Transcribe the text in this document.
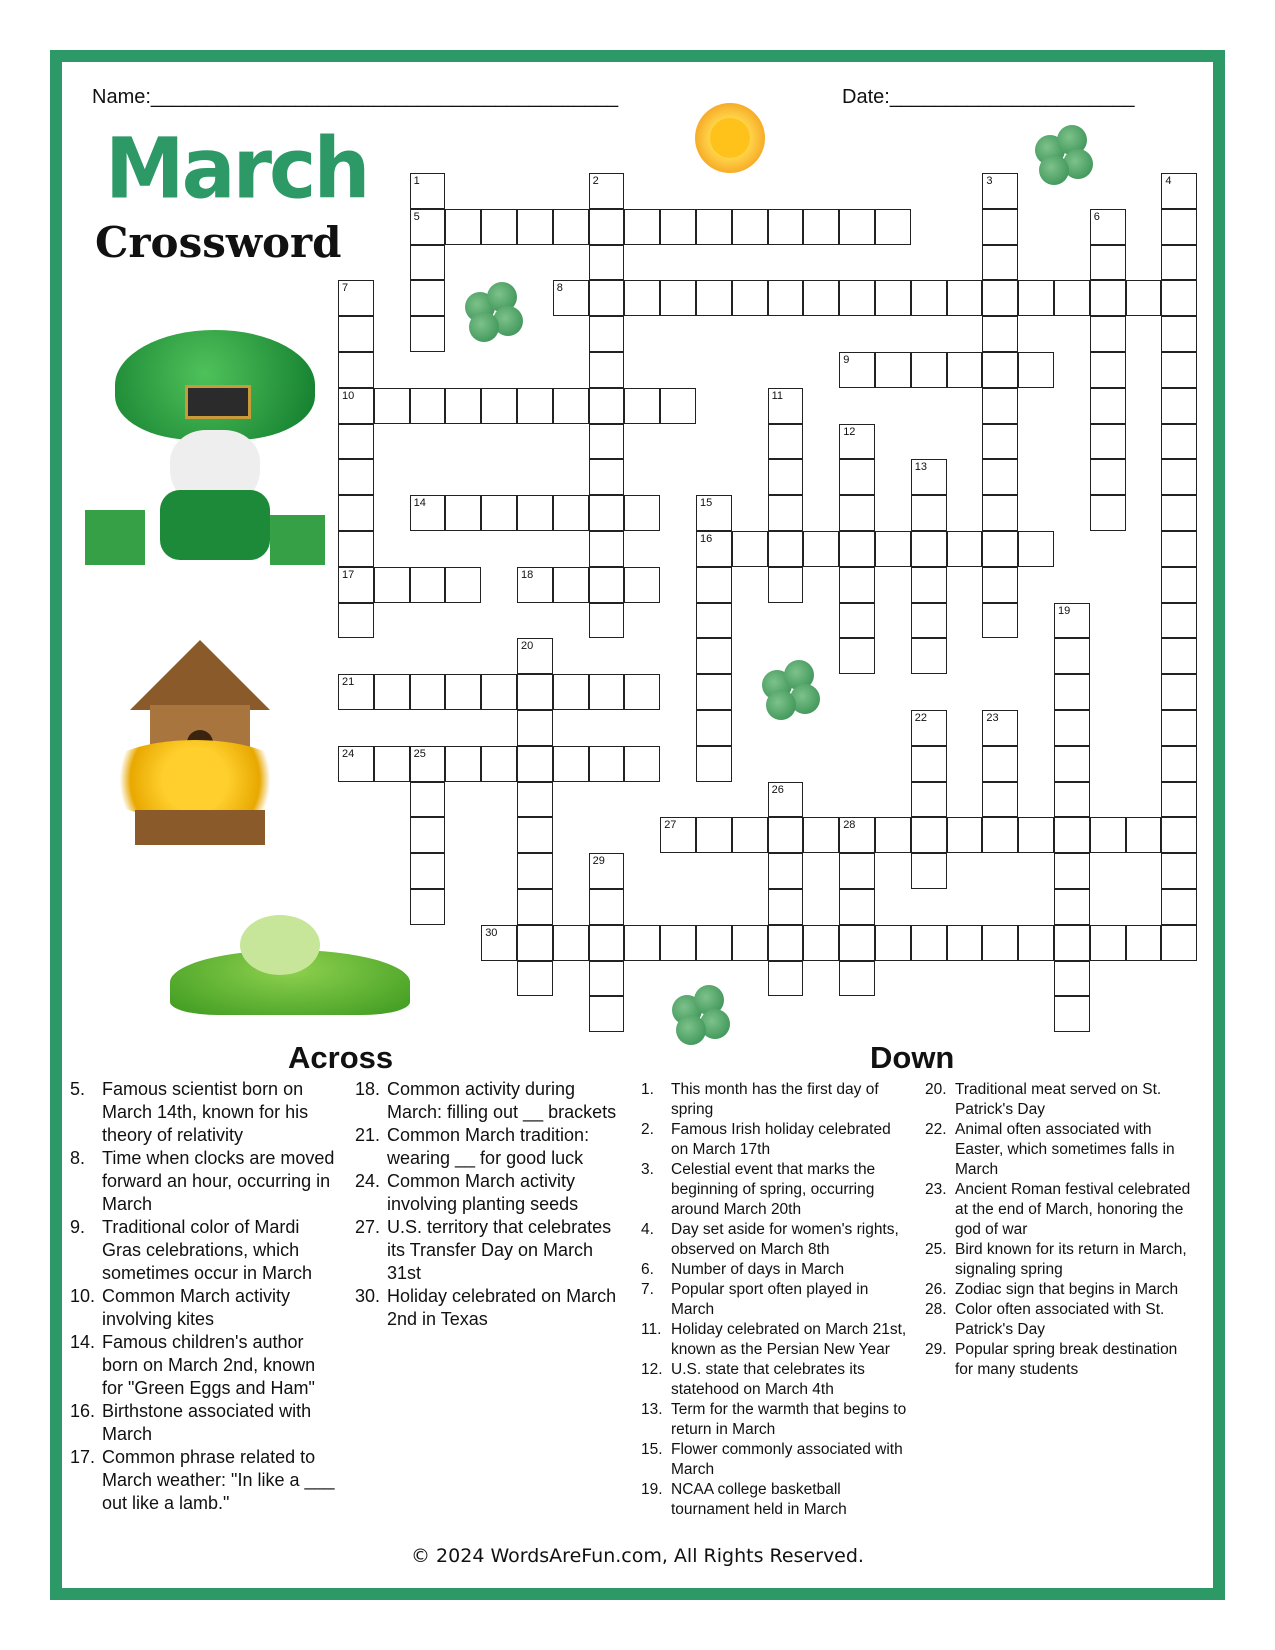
Name:__________________________________________	Date:______________________
March
Crossword
5
8
9
10
14
16
17	18
21
24	25
27	28
30
1	2	3	4
6
7
11
12
13
15
19
20
22	23
26
29
Across
5. Famous scientist born on March 14th, known for his theory of relativity
8. Time when clocks are moved forward an hour, occurring in March
9. Traditional color of Mardi Gras celebrations, which sometimes occur in March
10. Common March activity involving kites
14. Famous children's author born on March 2nd, known for "Green Eggs and Ham"
16. Birthstone associated with March
17. Common phrase related to March weather: "In like a ___ out like a lamb."
18. Common activity during March: filling out __ brackets
21. Common March tradition: wearing __ for good luck
24. Common March activity involving planting seeds
27. U.S. territory that celebrates its Transfer Day on March 31st
30. Holiday celebrated on March 2nd in Texas
Down
1.	This month has the first day of spring
2.	Famous Irish holiday celebrated on March 17th
3.	Celestial event that marks the beginning of spring, occurring around March 20th
4.	Day set aside for women's rights, observed on March 8th
6.	Number of days in March
7.	Popular sport often played in March
11. Holiday celebrated on March 21st, known as the Persian New Year
12. U.S. state that celebrates its statehood on March 4th
13. Term for the warmth that begins to return in March
15. Flower commonly associated with March
19. NCAA college basketball tournament held in March
20. Traditional meat served on St. Patrick's Day
22. Animal often associated with Easter, which sometimes falls in March
23. Ancient Roman festival celebrated at the end of March, honoring the god of war
25. Bird known for its return in March, signaling spring
26. Zodiac sign that begins in March
28. Color often associated with St. Patrick's Day
29. Popular spring break destination for many students
© 2024 WordsAreFun.com, All Rights Reserved.
